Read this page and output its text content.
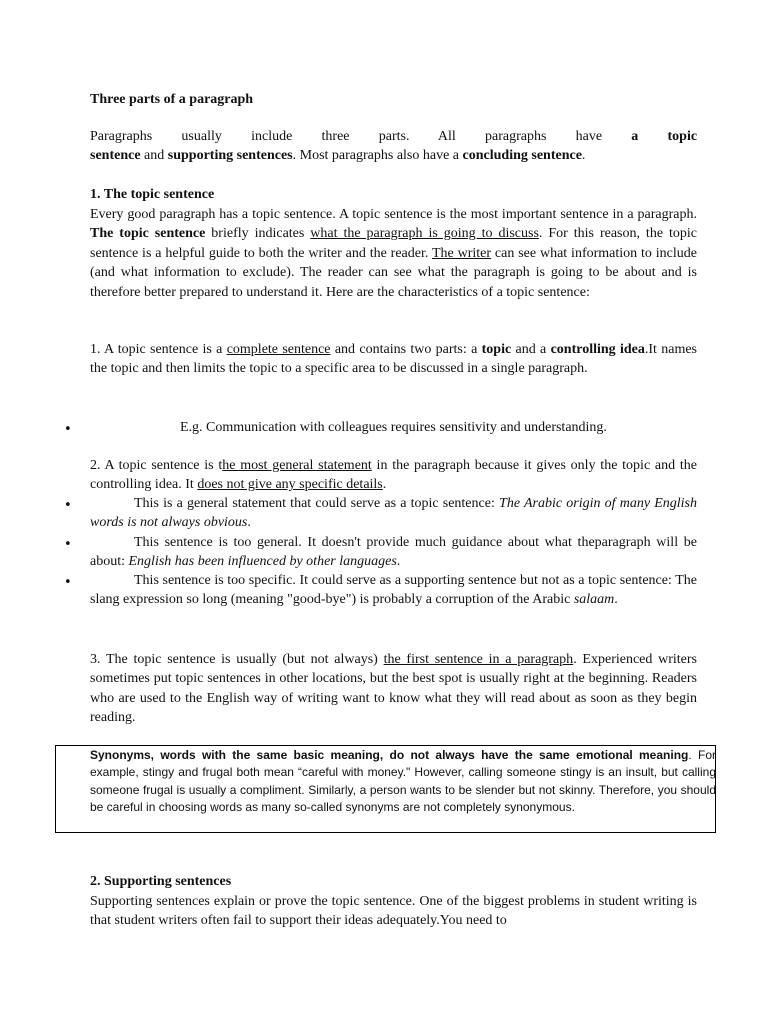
Three parts of a paragraph

Paragraphs usually include three parts. All paragraphs have a topic
sentence and supporting sentences. Most paragraphs also have a concluding sentence.

1. The topic sentence

Every good paragraph has a topic sentence. A topic sentence is the most important sentence in a paragraph. The topic sentence briefly indicates what the paragraph is going to discuss. For this reason, the topic sentence is a helpful guide to both the writer and the reader. The writer can see what information to include (and what information to exclude). The reader can see what the paragraph is going to be about and is therefore better prepared to understand it. Here are the characteristics of a topic sentence:

1. A topic sentence is a complete sentence and contains two parts: a topic and a controlling idea.It names the topic and then limits the topic to a specific area to be discussed in a single paragraph.

•	E.g. Communication with colleagues requires sensitivity and understanding.

2. A topic sentence is the most general statement in the paragraph because it gives only the topic and the controlling idea. It does not give any specific details.

•	This is a general statement that could serve as a topic sentence: The Arabic origin of many English words is not always obvious.

•	This sentence is too general. It doesn't provide much guidance about what theparagraph will be about: English has been influenced by other languages.

•	This sentence is too specific. It could serve as a supporting sentence but not as a topic sentence: The slang expression so long (meaning "good-bye") is probably a corruption of the Arabic salaam.

3. The topic sentence is usually (but not always) the first sentence in a paragraph. Experienced writers sometimes put topic sentences in other locations, but the best spot is usually right at the beginning. Readers who are used to the English way of writing want to know what they will read about as soon as they begin reading.

Synonyms, words with the same basic meaning, do not always have the same emotional meaning. For example, stingy and frugal both mean “careful with money." However, calling someone stingy is an insult, but calling someone frugal is usually a compliment. Similarly, a person wants to be slender but not skinny. Therefore, you should be careful in choosing words as many so-called synonyms are not completely synonymous.

2. Supporting sentences

Supporting sentences explain or prove the topic sentence. One of the biggest problems in student writing is that student writers often fail to support their ideas adequately.You need to
